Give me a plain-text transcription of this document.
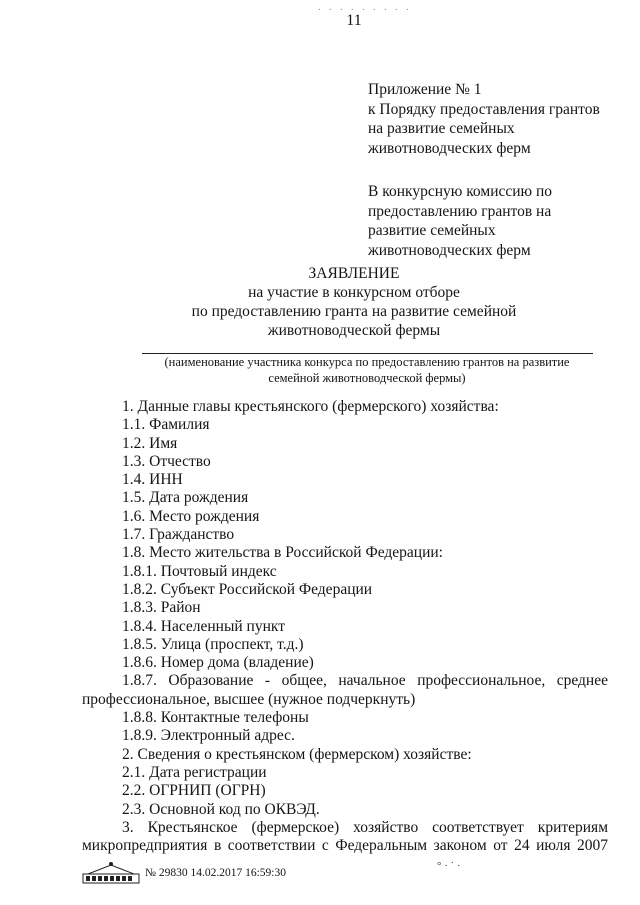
. . . . . . . . .
11
Приложение № 1
к Порядку предоставления грантов
на развитие семейных
животноводческих ферм
В конкурсную комиссию по
предоставлению грантов на
развитие семейных
животноводческих ферм
ЗАЯВЛЕНИЕ
на участие в конкурсном отборе
по предоставлению гранта на развитие семейной
животноводческой фермы
(наименование участника конкурса по предоставлению грантов на развитие
семейной животноводческой фермы)
1. Данные главы крестьянского (фермерского) хозяйства:
1.1. Фамилия
1.2. Имя
1.3. Отчество
1.4. ИНН
1.5. Дата рождения
1.6. Место рождения
1.7. Гражданство
1.8. Место жительства в Российской Федерации:
1.8.1. Почтовый индекс
1.8.2. Субъект Российской Федерации
1.8.3. Район
1.8.4. Населенный пункт
1.8.5. Улица (проспект, т.д.)
1.8.6. Номер дома (владение)
1.8.7. Образование - общее, начальное профессиональное, среднее
профессиональное, высшее (нужное подчеркнуть)
1.8.8. Контактные телефоны
1.8.9. Электронный адрес.
2. Сведения о крестьянском (фермерском) хозяйстве:
2.1. Дата регистрации
2.2. ОГРНИП (ОГРН)
2.3. Основной код по ОКВЭД.
3. Крестьянское (фермерское) хозяйство соответствует критериям
микропредприятия в соответствии с Федеральным законом от 24 июля 2007
№ 29830 14.02.2017 16:59:30
° · ˙ ·
